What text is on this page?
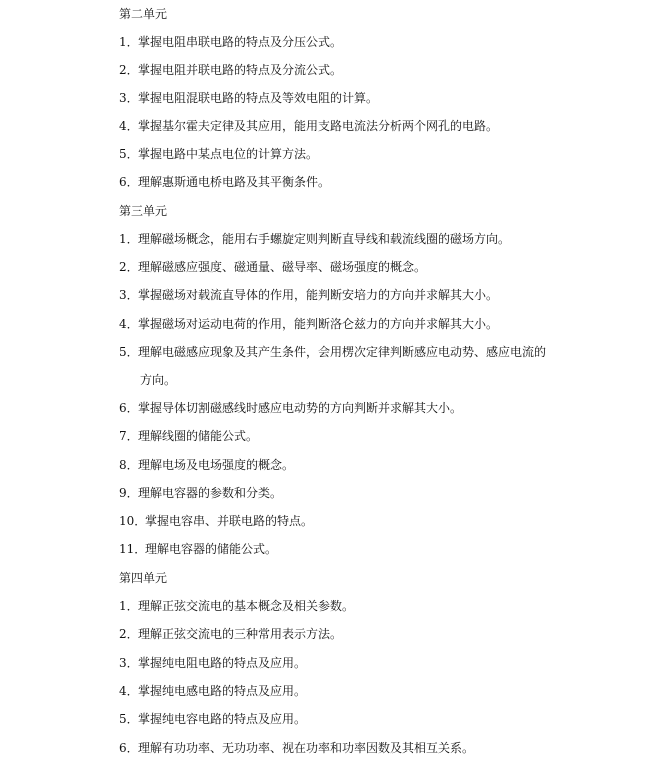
第二单元
1．掌握电阻串联电路的特点及分压公式。
2．掌握电阻并联电路的特点及分流公式。
3．掌握电阻混联电路的特点及等效电阻的计算。
4．掌握基尔霍夫定律及其应用，能用支路电流法分析两个网孔的电路。
5．掌握电路中某点电位的计算方法。
6．理解惠斯通电桥电路及其平衡条件。
第三单元
1．理解磁场概念，能用右手螺旋定则判断直导线和载流线圈的磁场方向。
2．理解磁感应强度、磁通量、磁导率、磁场强度的概念。
3．掌握磁场对载流直导体的作用，能判断安培力的方向并求解其大小。
4．掌握磁场对运动电荷的作用，能判断洛仑兹力的方向并求解其大小。
5．理解电磁感应现象及其产生条件，会用楞次定律判断感应电动势、感应电流的
方向。
6．掌握导体切割磁感线时感应电动势的方向判断并求解其大小。
7．理解线圈的储能公式。
8．理解电场及电场强度的概念。
9．理解电容器的参数和分类。
10．掌握电容串、并联电路的特点。
11．理解电容器的储能公式。
第四单元
1．理解正弦交流电的基本概念及相关参数。
2．理解正弦交流电的三种常用表示方法。
3．掌握纯电阻电路的特点及应用。
4．掌握纯电感电路的特点及应用。
5．掌握纯电容电路的特点及应用。
6．理解有功功率、无功功率、视在功率和功率因数及其相互关系。
